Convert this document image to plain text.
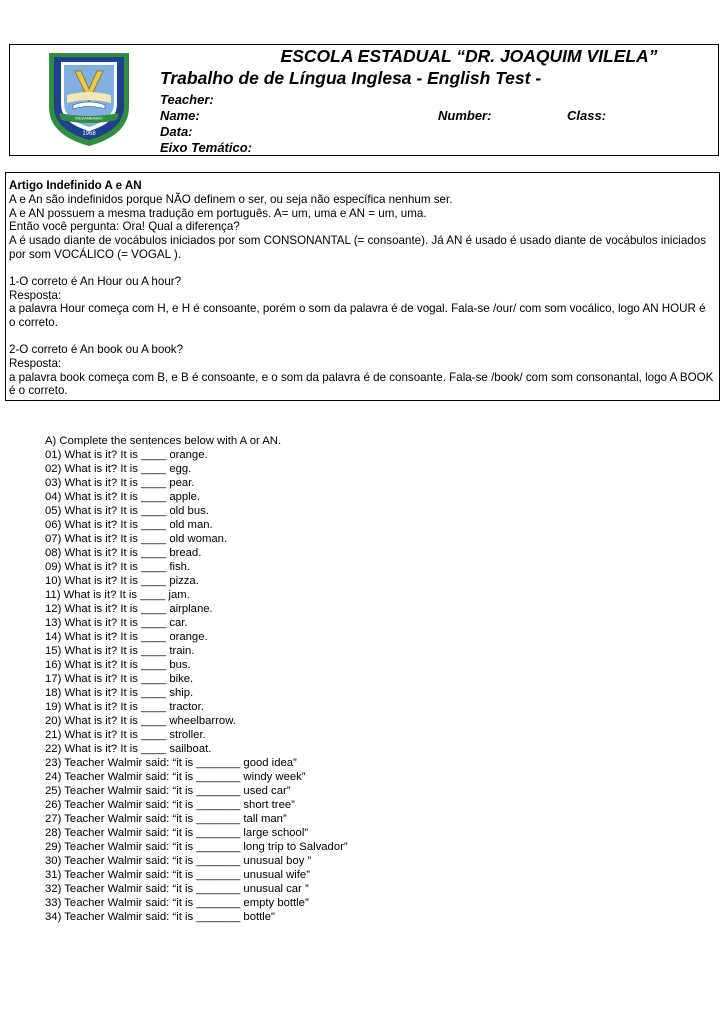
MUZAMBINHO
1968
ESCOLA ESTADUAL “DR. JOAQUIM VILELA”
Trabalho de de Língua Inglesa - English Test -
Teacher:
Name:	Number:	Class:
Data:
Eixo Temático:

Artigo Indefinido A e AN

A e An são indefinidos porque NÃO definem o ser, ou seja não específica nenhum ser.

A e AN possuem a mesma tradução em português. A= um, uma e AN = um, uma.

Então você pergunta: Ora! Qual a diferença?

A é usado diante de vocábulos iniciados por som CONSONANTAL (= consoante). Já AN é usado é usado diante de vocábulos iniciados por som VOCÁLICO (= VOGAL ).

1-O correto é An Hour ou A hour?

Resposta:

a palavra Hour começa com H, e H é consoante, porém o som da palavra é de vogal. Fala-se /our/ com som vocálico, logo AN HOUR é o correto.

2-O correto é An book ou A book?

Resposta:

a palavra book começa com B, e B é consoante, e o som da palavra é de consoante. Fala-se /book/ com som consonantal, logo A BOOK é o correto.

A) Complete the sentences below with A or AN.
01) What is it? It is ____ orange.
02) What is it? It is ____ egg.
03) What is it? It is ____ pear.
04) What is it? It is ____ apple.
05) What is it? It is ____ old bus.
06) What is it? It is ____ old man.
07) What is it? It is ____ old woman.
08) What is it? It is ____ bread.
09) What is it? It is ____ fish.
10) What is it? It is ____ pizza.
11) What is it? It is ____ jam.
12) What is it? It is ____ airplane.
13) What is it? It is ____ car.
14) What is it? It is ____ orange.
15) What is it? It is ____ train.
16) What is it? It is ____ bus.
17) What is it? It is ____ bike.
18) What is it? It is ____ ship.
19) What is it? It is ____ tractor.
20) What is it? It is ____ wheelbarrow.
21) What is it? It is ____ stroller.
22) What is it? It is ____ sailboat.
23) Teacher Walmir said: “it is _______ good idea”
24) Teacher Walmir said: “it is _______ windy week”
25) Teacher Walmir said: “it is _______ used car”
26) Teacher Walmir said: “it is _______ short tree”
27) Teacher Walmir said: “it is _______ tall man”
28) Teacher Walmir said: “it is _______ large school”
29) Teacher Walmir said: “it is _______ long trip to Salvador”
30) Teacher Walmir said: “it is _______ unusual boy ”
31) Teacher Walmir said: “it is _______ unusual wife”
32) Teacher Walmir said: “it is _______ unusual car ”
33) Teacher Walmir said: “it is _______ empty bottle”
34) Teacher Walmir said: “it is _______ bottle"
